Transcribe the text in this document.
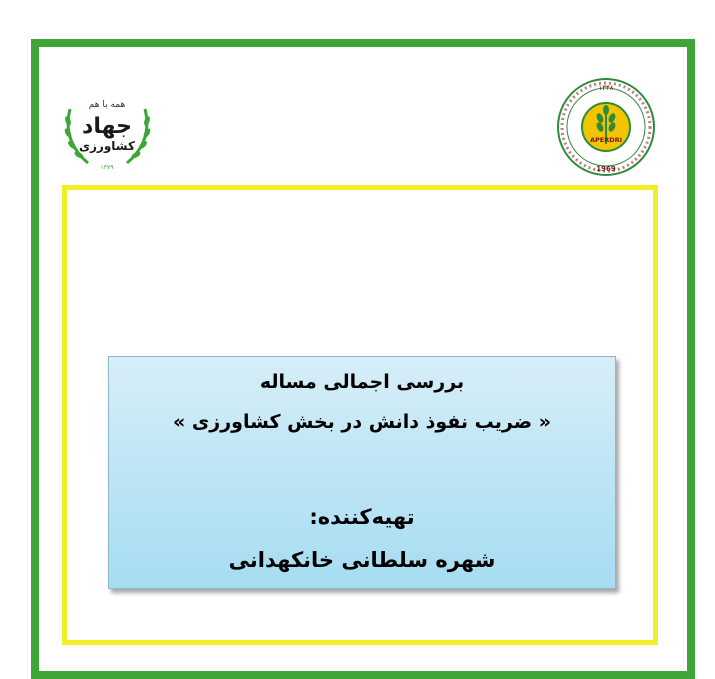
همه با هم
جهاد
کشاورزی
۱۳۷۹
APERDRI
۱۳۴۸
1969
بررسی اجمالی مساله
« ضریب نفوذ دانش در بخش کشاورزی »
تهیه‌کننده:
شهره سلطانی خانکهدانی
